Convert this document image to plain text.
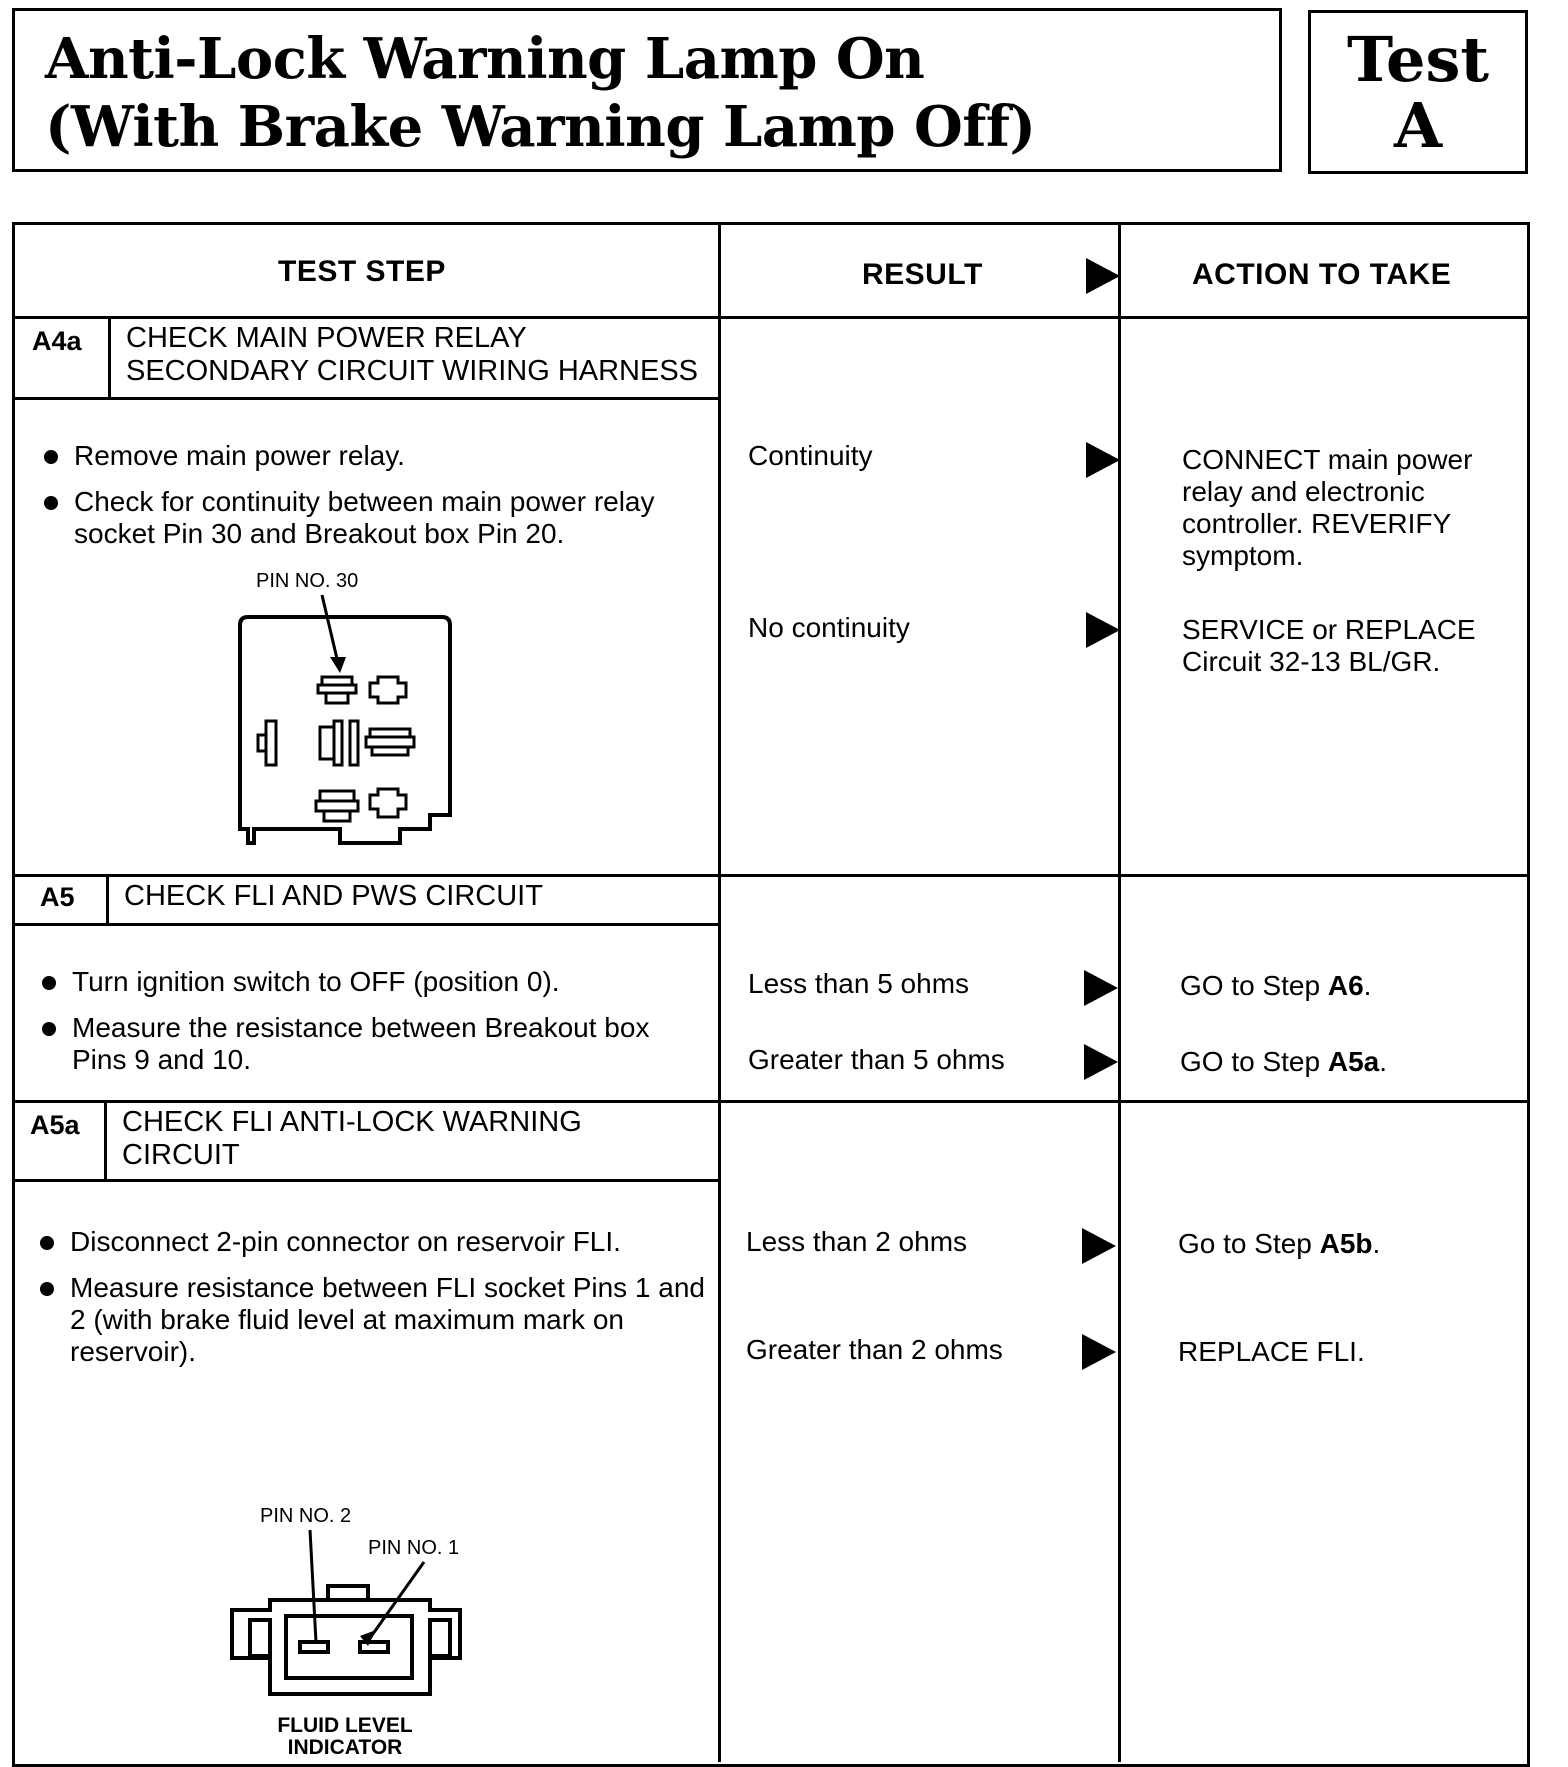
Anti-Lock Warning Lamp On
(With Brake Warning Lamp Off)
Test
A
TEST STEP	RESULT	ACTION TO TAKE
A4a CHECK MAIN POWER RELAY
SECONDARY CIRCUIT WIRING HARNESS
Remove main power relay.
Check for continuity between main power relay socket Pin 30 and Breakout box Pin 20.
PIN NO. 30
Continuity	CONNECT main power relay and electronic controller. REVERIFY symptom.
No continuity	SERVICE or REPLACE Circuit 32-13 BL/GR.
A5 CHECK FLI AND PWS CIRCUIT
Turn ignition switch to OFF (position 0).
Measure the resistance between Breakout box Pins 9 and 10.
Less than 5 ohms	GO to Step A6.
Greater than 5 ohms	GO to Step A5a.
A5a CHECK FLI ANTI-LOCK WARNING
CIRCUIT
Disconnect 2-pin connector on reservoir FLI.
Measure resistance between FLI socket Pins 1 and 2 (with brake fluid level at maximum mark on reservoir).
PIN NO. 2
PIN NO. 1
FLUID LEVEL
INDICATOR
Less than 2 ohms	Go to Step A5b.
Greater than 2 ohms	REPLACE FLI.
